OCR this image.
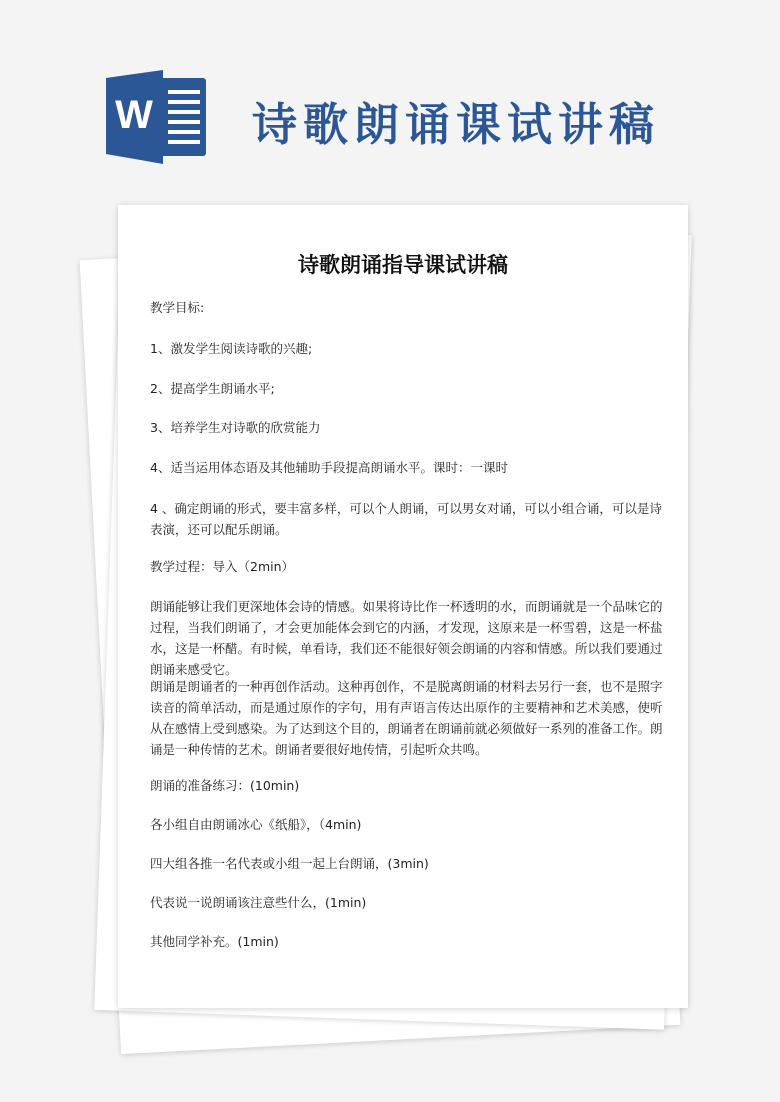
W 诗歌朗诵课试讲稿
诗歌朗诵指导课试讲稿
教学目标:
1、激发学生阅读诗歌的兴趣;
2、提高学生朗诵水平;
3、培养学生对诗歌的欣赏能力
4、适当运用体态语及其他辅助手段提高朗诵水平。课时：一课时
4 、确定朗诵的形式，要丰富多样，可以个人朗诵，可以男女对诵，可以小组合诵，可以是诗表演，还可以配乐朗诵。
教学过程：导入（2min）
朗诵能够让我们更深地体会诗的情感。如果将诗比作一杯透明的水，而朗诵就是一个品味它的过程，当我们朗诵了，才会更加能体会到它的内涵，才发现，这原来是一杯雪碧，这是一杯盐水，这是一杯醋。有时候，单看诗，我们还不能很好领会朗诵的内容和情感。所以我们要通过朗诵来感受它。
朗诵是朗诵者的一种再创作活动。这种再创作，不是脱离朗诵的材料去另行一套，也不是照字读音的简单活动，而是通过原作的字句，用有声语言传达出原作的主要精神和艺术美感，使听从在感情上受到感染。为了达到这个目的，朗诵者在朗诵前就必须做好一系列的准备工作。朗诵是一种传情的艺术。朗诵者要很好地传情，引起听众共鸣。
朗诵的准备练习：(10min)
各小组自由朗诵冰心《纸船》，（4min)
四大组各推一名代表或小组一起上台朗诵，(3min)
代表说一说朗诵该注意些什么，(1min)
其他同学补充。(1min)
